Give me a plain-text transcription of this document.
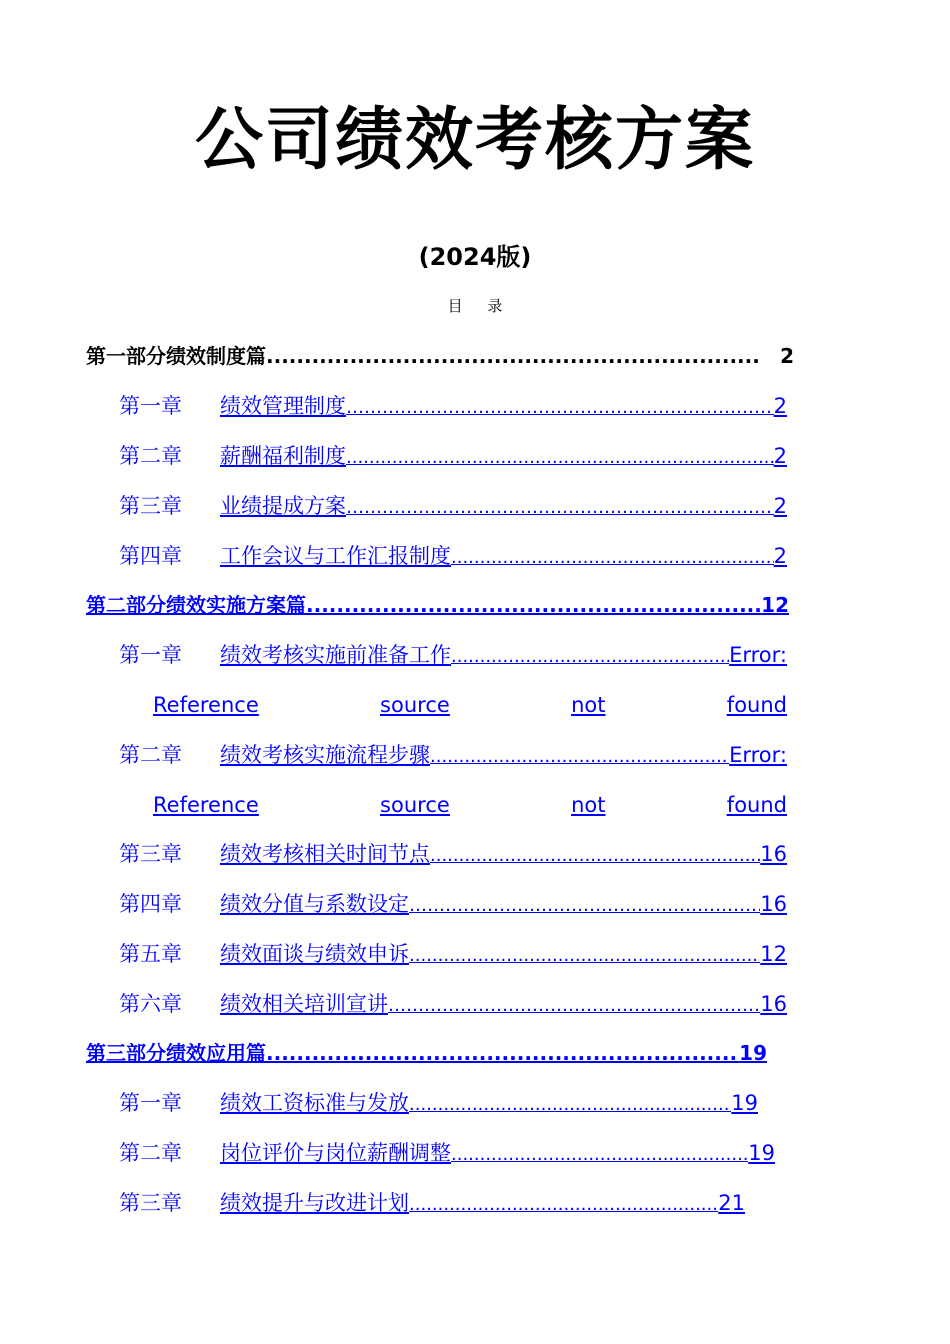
公司绩效考核方案
(2024版)
目 录
第一部分绩效制度篇 .....	2
第一章	绩效管理制度 ……………………………………………………………………………………………………………………………………………………………	2
第二章	薪酬福利制度 .....	2
第三章	业绩提成方案 ……………………………………………………………………………………………………………………………………………………………	2
第四章	工作会议与工作汇报制度 .....	2
第二部分绩效实施方案篇 .....	12
第一章	绩效考核实施前准备工作 .....	Error:
Reference	source	not	found
第二章	绩效考核实施流程步骤 .....	Error:
Reference	source	not	found
第三章	绩效考核相关时间节点 .....	16
第四章	绩效分值与系数设定 ……………………………………………………………………………………………………………………………………………………………	16
第五章	绩效面谈与绩效申诉 .....	12
第六章	绩效相关培训宣讲 ……………………………………………………………………………………………………………………………………………………………	16
第三部分绩效应用篇 .....	19
第一章	绩效工资标准与发放 .....	19
第二章	岗位评价与岗位薪酬调整 .....	19
第三章	绩效提升与改进计划 .....	21
